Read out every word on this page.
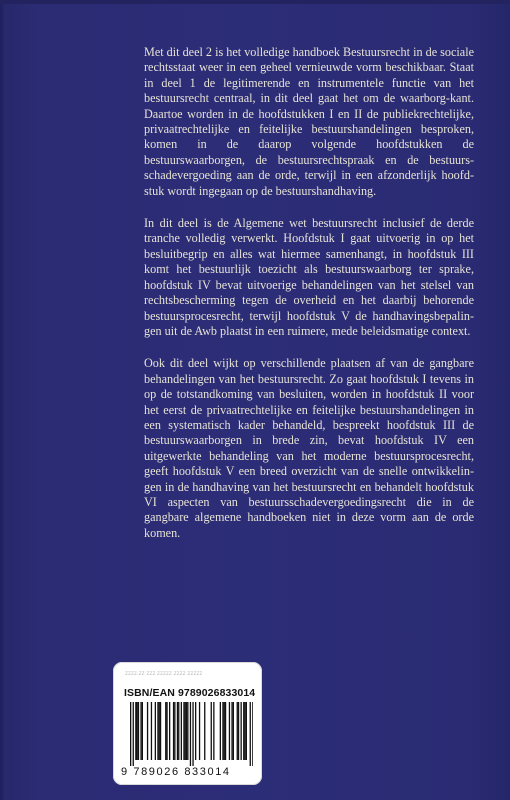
Met dit deel 2 is het volledige handboek Bestuursrecht in de sociale rechtsstaat weer in een geheel vernieuwde vorm beschikbaar. Staat in deel 1 de legitimerende en instrumentele functie van het bestuursrecht centraal, in dit deel gaat het om de waarborg-kant. Daartoe worden in de hoofdstukken I en II de publiekrechtelijke, privaatrechtelijke en feitelijke bestuurshandelingen besproken, komen in de daarop volgende hoofdstukken de bestuurswaarborgen, de bestuursrechtspraak en de bestuursschadevergoeding aan de orde, terwijl in een afzonderlijk hoofdstuk wordt ingegaan op de bestuurshandhaving.

In dit deel is de Algemene wet bestuursrecht inclusief de derde tranche volledig verwerkt. Hoofdstuk I gaat uitvoerig in op het besluitbegrip en alles wat hiermee samenhangt, in hoofdstuk III komt het bestuurlijk toezicht als bestuurswaarborg ter sprake, hoofdstuk IV bevat uitvoerige behandelingen van het stelsel van rechtsbescherming tegen de overheid en het daarbij behorende bestuursprocesrecht, terwijl hoofdstuk V de handhavingsbepalingen uit de Awb plaatst in een ruimere, mede beleidsmatige context.

Ook dit deel wijkt op verschillende plaatsen af van de gangbare behandelingen van het bestuursrecht. Zo gaat hoofdstuk I tevens in op de totstandkoming van besluiten, worden in hoofdstuk II voor het eerst de privaatrechtelijke en feitelijke bestuurshandelingen in een systematisch kader behandeld, bespreekt hoofdstuk III de bestuurswaarborgen in brede zin, bevat hoofdstuk IV een uitgewerkte behandeling van het moderne bestuursprocesrecht, geeft hoofdstuk V een breed overzicht van de snelle ontwikkelingen in de handhaving van het bestuursrecht en behandelt hoofdstuk VI aspecten van bestuursschadevergoedingsrecht die in de gangbare algemene handboeken niet in deze vorm aan de orde komen.

zzzz.zz zzz zzzzz zzzz zzzzz
ISBN/EAN 9789026833014
9 789026 833014
